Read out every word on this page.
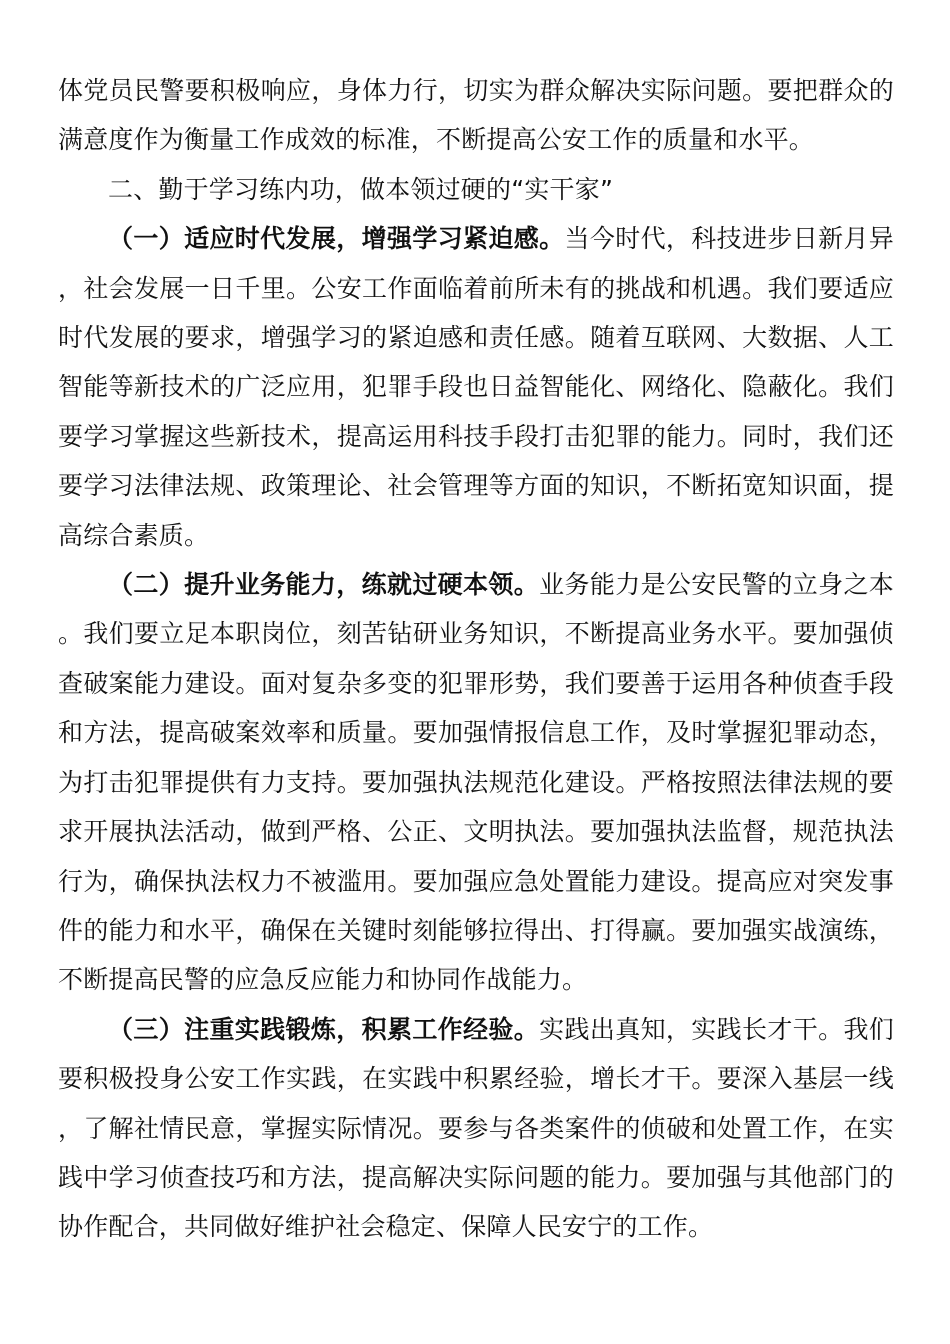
体党员民警要积极响应，身体力行，切实为群众解决实际问题。要把群众的满意度作为衡量工作成效的标准，不断提高公安工作的质量和水平。

二、勤于学习练内功，做本领过硬的“实干家”

（一）适应时代发展，增强学习紧迫感。当今时代，科技进步日新月异，社会发展一日千里。公安工作面临着前所未有的挑战和机遇。我们要适应时代发展的要求，增强学习的紧迫感和责任感。随着互联网、大数据、人工智能等新技术的广泛应用，犯罪手段也日益智能化、网络化、隐蔽化。我们要学习掌握这些新技术，提高运用科技手段打击犯罪的能力。同时，我们还要学习法律法规、政策理论、社会管理等方面的知识，不断拓宽知识面，提高综合素质。

（二）提升业务能力，练就过硬本领。业务能力是公安民警的立身之本。我们要立足本职岗位，刻苦钻研业务知识，不断提高业务水平。要加强侦查破案能力建设。面对复杂多变的犯罪形势，我们要善于运用各种侦查手段和方法，提高破案效率和质量。要加强情报信息工作，及时掌握犯罪动态，为打击犯罪提供有力支持。要加强执法规范化建设。严格按照法律法规的要求开展执法活动，做到严格、公正、文明执法。要加强执法监督，规范执法行为，确保执法权力不被滥用。要加强应急处置能力建设。提高应对突发事件的能力和水平，确保在关键时刻能够拉得出、打得赢。要加强实战演练，不断提高民警的应急反应能力和协同作战能力。

（三）注重实践锻炼，积累工作经验。实践出真知，实践长才干。我们要积极投身公安工作实践，在实践中积累经验，增长才干。要深入基层一线，了解社情民意，掌握实际情况。要参与各类案件的侦破和处置工作，在实践中学习侦查技巧和方法，提高解决实际问题的能力。要加强与其他部门的协作配合，共同做好维护社会稳定、保障人民安宁的工作。
